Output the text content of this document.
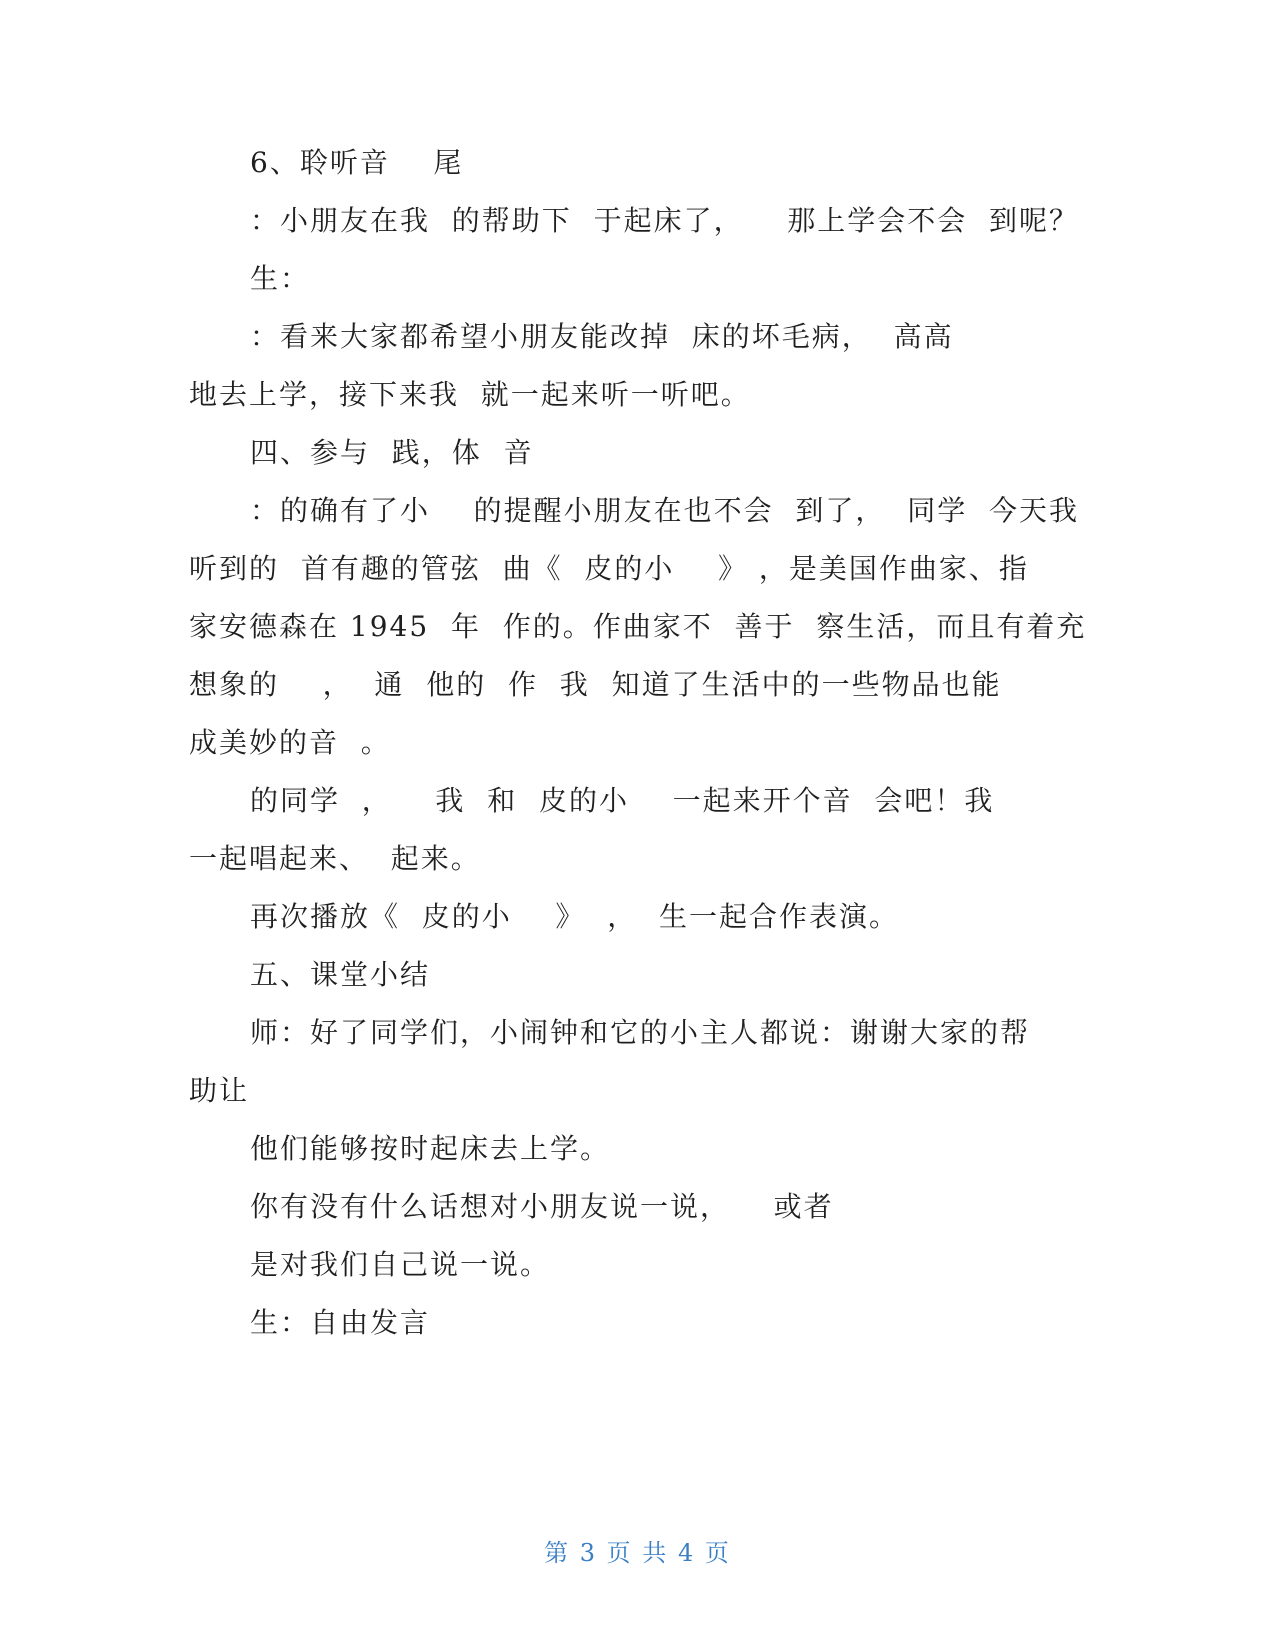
6、聆听音    尾
：小朋友在我  的帮助下  于起床了，    那上学会不会  到呢？
生：
：看来大家都希望小朋友能改掉  床的坏毛病，  高高
地去上学，接下来我  就一起来听一听吧。
四、参与  践，体  音
：的确有了小    的提醒小朋友在也不会  到了，  同学  今天我
听到的  首有趣的管弦  曲《  皮的小    》 ，是美国作曲家、指
家安德森在 1945  年  作的。作曲家不  善于  察生活，而且有着充
想象的    ，  通  他的  作  我  知道了生活中的一些物品也能
成美妙的音  。
的同学  ，    我  和  皮的小    一起来开个音  会吧！我
一起唱起来、  起来。
再次播放《  皮的小    》  ，  生一起合作表演。
五、课堂小结
师：好了同学们，小闹钟和它的小主人都说：谢谢大家的帮
助让
他们能够按时起床去上学。
你有没有什么话想对小朋友说一说，    或者
是对我们自己说一说。
生：自由发言
第 3 页 共 4 页
